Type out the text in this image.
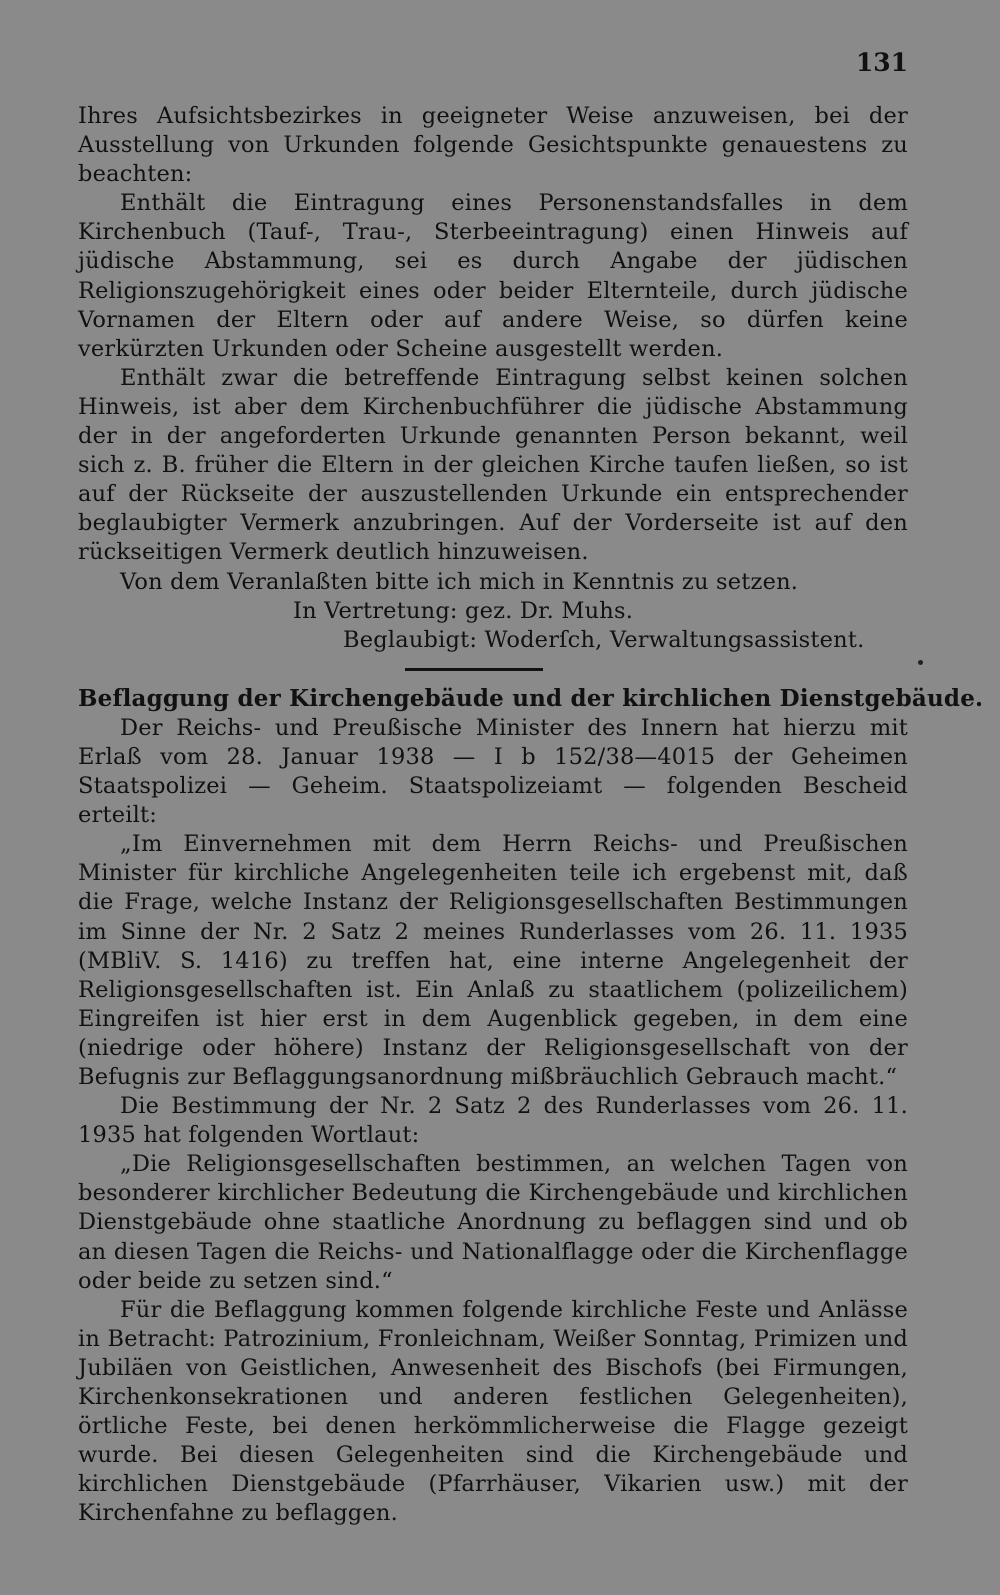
131

Ihres Aufsichtsbezirkes in geeigneter Weise anzuweisen, bei der Ausstellung von Urkunden folgende Gesichtspunkte genauestens zu beachten:

Enthält die Eintragung eines Personenstandsfalles in dem Kirchenbuch (Tauf-, Trau-, Sterbeeintragung) einen Hinweis auf jüdische Abstammung, sei es durch Angabe der jüdischen Religionszugehörigkeit eines oder beider Elternteile, durch jüdische Vornamen der Eltern oder auf andere Weise, so dürfen keine verkürzten Urkunden oder Scheine ausgestellt werden.

Enthält zwar die betreffende Eintragung selbst keinen solchen Hinweis, ist aber dem Kirchenbuchführer die jüdische Abstammung der in der angeforderten Urkunde genannten Person bekannt, weil sich z. B. früher die Eltern in der gleichen Kirche taufen ließen, so ist auf der Rückseite der auszustellenden Urkunde ein entsprechender beglaubigter Vermerk anzubringen. Auf der Vorderseite ist auf den rückseitigen Vermerk deutlich hinzuweisen.

Von dem Veranlaßten bitte ich mich in Kenntnis zu setzen.

In Vertretung: gez. Dr. Muhs.
Beglaubigt: Woderſch, Verwaltungsassistent.
Beflaggung der Kirchengebäude und der kirchlichen Dienstgebäude.

Der Reichs- und Preußische Minister des Innern hat hierzu mit Erlaß vom 28. Januar 1938 — I b 152/38—4015 der Geheimen Staatspolizei — Geheim. Staatspolizeiamt — folgenden Bescheid erteilt:

„Im Einvernehmen mit dem Herrn Reichs- und Preußischen Minister für kirchliche Angelegenheiten teile ich ergebenst mit, daß die Frage, welche Instanz der Religionsgesellschaften Bestimmungen im Sinne der Nr. 2 Satz 2 meines Runderlasses vom 26. 11. 1935 (MBliV. S. 1416) zu treffen hat, eine interne Angelegenheit der Religionsgesellschaften ist. Ein Anlaß zu staatlichem (polizeilichem) Eingreifen ist hier erst in dem Augenblick gegeben, in dem eine (niedrige oder höhere) Instanz der Religionsgesellschaft von der Befugnis zur Beflaggungsanordnung mißbräuchlich Gebrauch macht.“

Die Bestimmung der Nr. 2 Satz 2 des Runderlasses vom 26. 11. 1935 hat folgenden Wortlaut:

„Die Religionsgesellschaften bestimmen, an welchen Tagen von besonderer kirchlicher Bedeutung die Kirchengebäude und kirchlichen Dienstgebäude ohne staatliche Anordnung zu beflaggen sind und ob an diesen Tagen die Reichs- und Nationalflagge oder die Kirchenflagge oder beide zu setzen sind.“

Für die Beflaggung kommen folgende kirchliche Feste und Anlässe in Betracht: Patrozinium, Fronleichnam, Weißer Sonntag, Primizen und Jubiläen von Geistlichen, Anwesenheit des Bischofs (bei Firmungen, Kirchenkonsekrationen und anderen festlichen Gelegenheiten), örtliche Feste, bei denen herkömmlicherweise die Flagge gezeigt wurde. Bei diesen Gelegenheiten sind die Kirchengebäude und kirchlichen Dienstgebäude (Pfarrhäuser, Vikarien usw.) mit der Kirchenfahne zu beflaggen.
